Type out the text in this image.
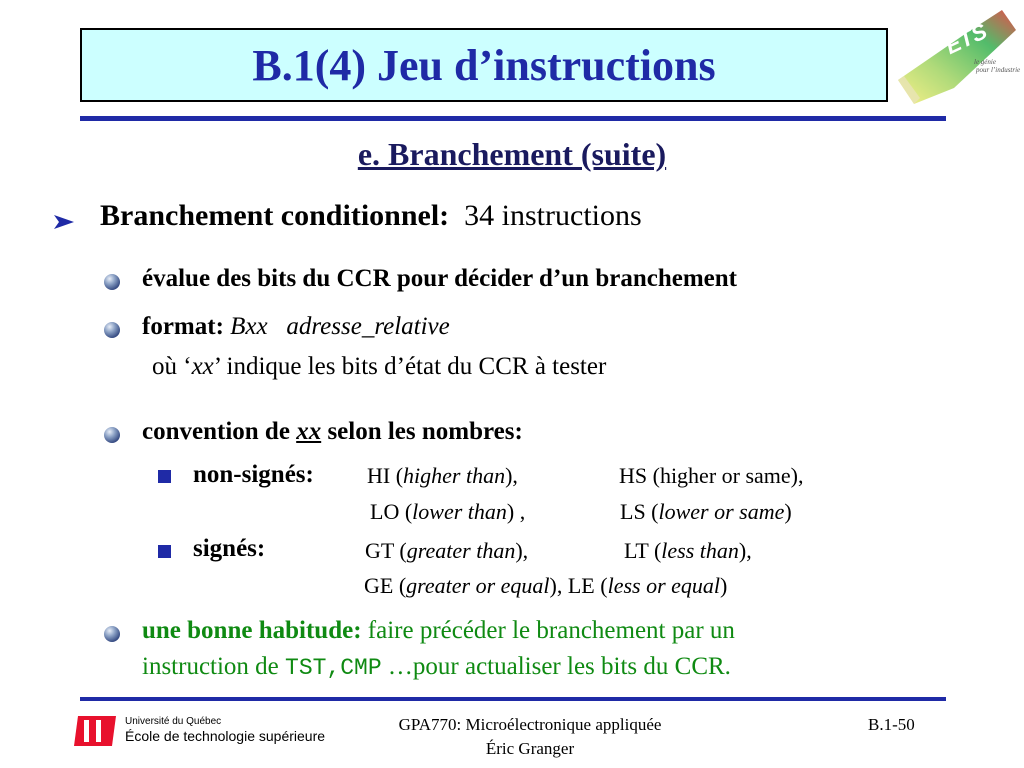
B.1(4) Jeu d’instructions
ETS
le génie
pour l’industrie
e. Branchement (suite)
Branchement conditionnel: 34 instructions
évalue des bits du CCR pour décider d’un branchement
format: Bxx   adresse_relative
où ‘xx’ indique les bits d’état du CCR à tester
convention de xx selon les nombres:
non-signés: HI (higher than),	HS (higher or same),
LO (lower than) ,	LS (lower or same)
signés:	GT (greater than),	LT (less than),
GE (greater or equal), LE (less or equal)
une bonne habitude: faire précéder le branchement par un
instruction de TST,CMP …pour actualiser les bits du CCR.
Université du Québec
École de technologie supérieure
GPA770: Microélectronique appliquée
Éric Granger
B.1-50
